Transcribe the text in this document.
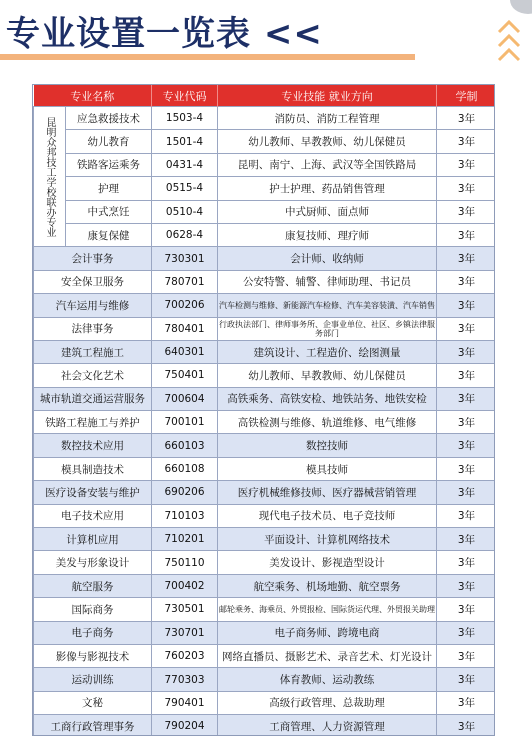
专业设置一览表 <<
专业名称		专业代码	专业技能 就业方向	学制
昆明众邦技工学校联办专业	应急救援技术	1503-4	消防员、消防工程管理	3年
	幼儿教育	1501-4	幼儿教师、早教教师、幼儿保健员	3年
	铁路客运乘务	0431-4	昆明、南宁、上海、武汉等全国铁路局	3年
	护理	0515-4	护士护理、药品销售管理	3年
	中式烹饪	0510-4	中式厨师、面点师	3年
	康复保健	0628-4	康复技师、理疗师	3年
会计事务		730301	会计师、收纳师	3年
安全保卫服务		780701	公安特警、辅警、律师助理、书记员	3年
汽车运用与维修		700206	汽车检测与维修、新能源汽车检修、汽车美容装潢、汽车销售	3年
法律事务		780401	行政执法部门、律师事务所、企事业单位、社区、乡镇法律服务部门	3年
建筑工程施工		640301	建筑设计、工程造价、绘图测量	3年
社会文化艺术		750401	幼儿教师、早教教师、幼儿保健员	3年
城市轨道交通运营服务		700604	高铁乘务、高铁安检、地铁站务、地铁安检	3年
铁路工程施工与养护		700101	高铁检测与维修、轨道维修、电气维修	3年
数控技术应用		660103	数控技师	3年
模具制造技术		660108	模具技师	3年
医疗设备安装与维护		690206	医疗机械维修技师、医疗器械营销管理	3年
电子技术应用		710103	现代电子技术员、电子竞技师	3年
计算机应用		710201	平面设计、计算机网络技术	3年
美发与形象设计		750110	美发设计、影视造型设计	3年
航空服务		700402	航空乘务、机场地勤、航空票务	3年
国际商务		730501	邮轮乘务、海乘员、外贸报检、国际货运代理、外贸报关助理	3年
电子商务		730701	电子商务师、跨境电商	3年
影像与影视技术		760203	网络直播员、摄影艺术、录音艺术、灯光设计	3年
运动训练		770303	体育教师、运动教练	3年
文秘		790401	高级行政管理、总裁助理	3年
工商行政管理事务		790204	工商管理、人力资源管理	3年
